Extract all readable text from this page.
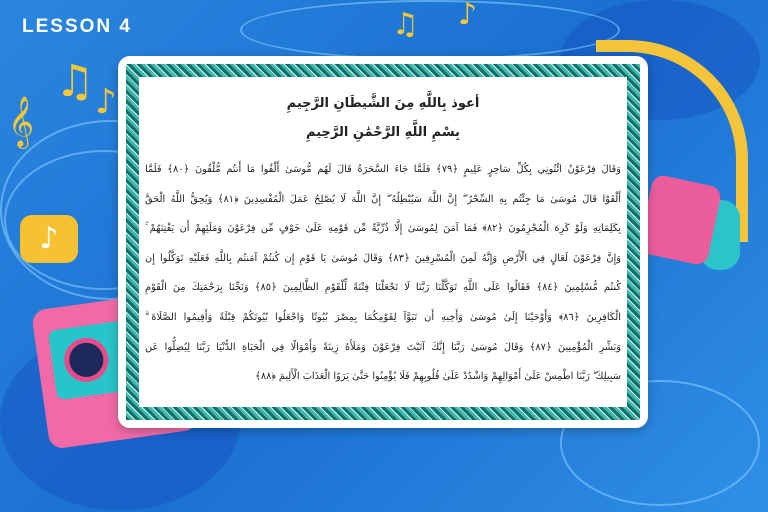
♪
𝄞
♫ ♪
♫ ♪
LESSON 4
أعوذ بِاللَّهِ مِنَ الشَّيطَانِ الرَّجِيمِ
بِسْمِ اللَّهِ الرَّحْمَٰنِ الرَّحِيمِ
وَقَالَ فِرْعَوْنُ ائْتُونِي بِكُلِّ سَاحِرٍ عَلِيمٍ ﴿٧٩﴾ فَلَمَّا جَاءَ السَّحَرَةُ قَالَ لَهُم مُّوسَىٰ أَلْقُوا مَا أَنتُم مُّلْقُونَ ﴿٨٠﴾ فَلَمَّا
أَلْقَوْا قَالَ مُوسَىٰ مَا جِئْتُم بِهِ السِّحْرُ ۖ إِنَّ اللَّهَ سَيُبْطِلُهُ ۖ إِنَّ اللَّهَ لَا يُصْلِحُ عَمَلَ الْمُفْسِدِينَ ﴿٨١﴾ وَيُحِقُّ اللَّهُ الْحَقَّ
بِكَلِمَاتِهِ وَلَوْ كَرِهَ الْمُجْرِمُونَ ﴿٨٢﴾ فَمَا آمَنَ لِمُوسَىٰ إِلَّا ذُرِّيَّةٌ مِّن قَوْمِهِ عَلَىٰ خَوْفٍ مِّن فِرْعَوْنَ وَمَلَئِهِمْ أَن يَفْتِنَهُمْ ۚ
وَإِنَّ فِرْعَوْنَ لَعَالٍ فِي الْأَرْضِ وَإِنَّهُ لَمِنَ الْمُسْرِفِينَ ﴿٨٣﴾ وَقَالَ مُوسَىٰ يَا قَوْمِ إِن كُنتُمْ آمَنتُم بِاللَّهِ فَعَلَيْهِ تَوَكَّلُوا إِن
كُنتُم مُّسْلِمِينَ ﴿٨٤﴾ فَقَالُوا عَلَى اللَّهِ تَوَكَّلْنَا رَبَّنَا لَا تَجْعَلْنَا فِتْنَةً لِّلْقَوْمِ الظَّالِمِينَ ﴿٨٥﴾ وَنَجِّنَا بِرَحْمَتِكَ مِنَ الْقَوْمِ
الْكَافِرِينَ ﴿٨٦﴾ وَأَوْحَيْنَا إِلَىٰ مُوسَىٰ وَأَخِيهِ أَن تَبَوَّآ لِقَوْمِكُمَا بِمِصْرَ بُيُوتًا وَاجْعَلُوا بُيُوتَكُمْ قِبْلَةً وَأَقِيمُوا الصَّلَاةَ ۗ
وَبَشِّرِ الْمُؤْمِنِينَ ﴿٨٧﴾ وَقَالَ مُوسَىٰ رَبَّنَا إِنَّكَ آتَيْتَ فِرْعَوْنَ وَمَلَأَهُ زِينَةً وَأَمْوَالًا فِي الْحَيَاةِ الدُّنْيَا رَبَّنَا لِيُضِلُّوا عَن
سَبِيلِكَ ۖ رَبَّنَا اطْمِسْ عَلَىٰ أَمْوَالِهِمْ وَاشْدُدْ عَلَىٰ قُلُوبِهِمْ فَلَا يُؤْمِنُوا حَتَّىٰ يَرَوُا الْعَذَابَ الْأَلِيمَ ﴿٨٨﴾
